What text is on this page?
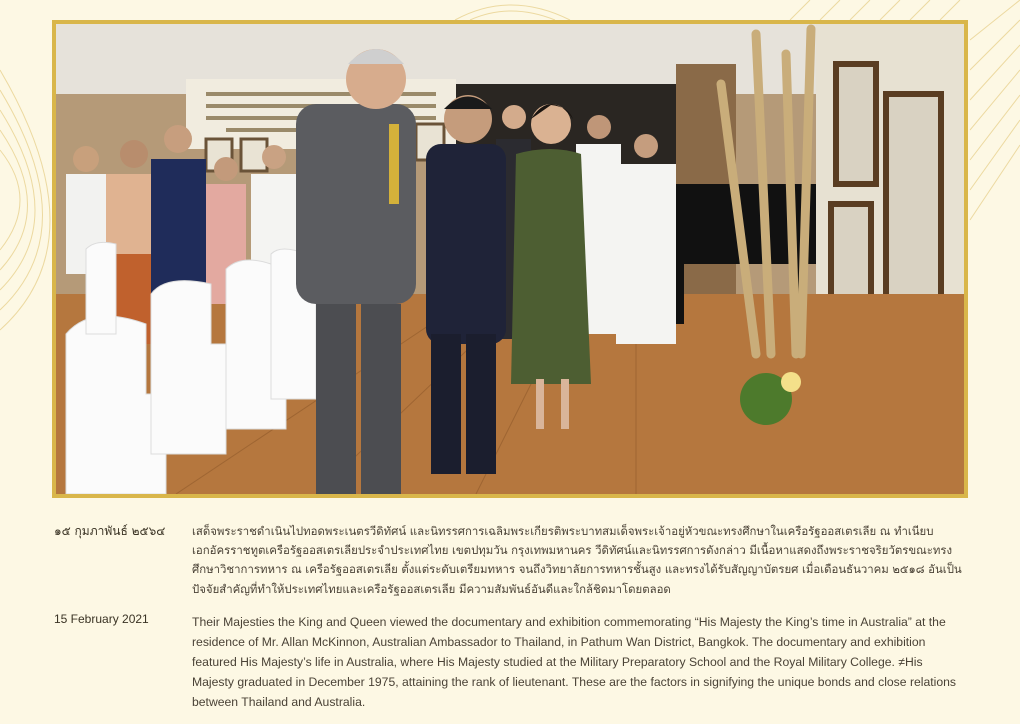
๑๕ กุมภาพันธ์ ๒๕๖๔ เสด็จพระราชดำเนินไปทอดพระเนตรวีดิทัศน์ และนิทรรศการเฉลิมพระเกียรติพระบาทสมเด็จพระเจ้าอยู่หัวขณะทรงศึกษาในเครือรัฐออสเตรเลีย ณ ทำเนียบเอกอัครราชทูตเครือรัฐออสเตรเลียประจำประเทศไทย เขตปทุมวัน กรุงเทพมหานคร วีดิทัศน์และนิทรรศการดังกล่าว มีเนื้อหาแสดงถึงพระราชจริยวัตรขณะทรงศึกษาวิชาการทหาร ณ เครือรัฐออสเตรเลีย ตั้งแต่ระดับเตรียมทหาร จนถึงวิทยาลัยการทหารชั้นสูง และทรงได้รับสัญญาบัตรยศ เมื่อเดือนธันวาคม ๒๕๑๘ อันเป็นปัจจัยสำคัญที่ทำให้ประเทศไทยและเครือรัฐออสเตรเลีย มีความสัมพันธ์อันดีและใกล้ชิดมาโดยตลอด
15 February 2021	Their Majesties the King and Queen viewed the documentary and exhibition commemorating “His Majesty the King’s time in Australia” at the residence of Mr. Allan McKinnon, Australian Ambassador to Thailand, in Pathum Wan District, Bangkok. The documentary and exhibition featured His Majesty’s life in Australia, where His Majesty studied at the Military Preparatory School and the Royal Military College. ≠His Majesty graduated in December 1975, attaining the rank of lieutenant. These are the factors in signifying the unique bonds and close relations between Thailand and Australia.
